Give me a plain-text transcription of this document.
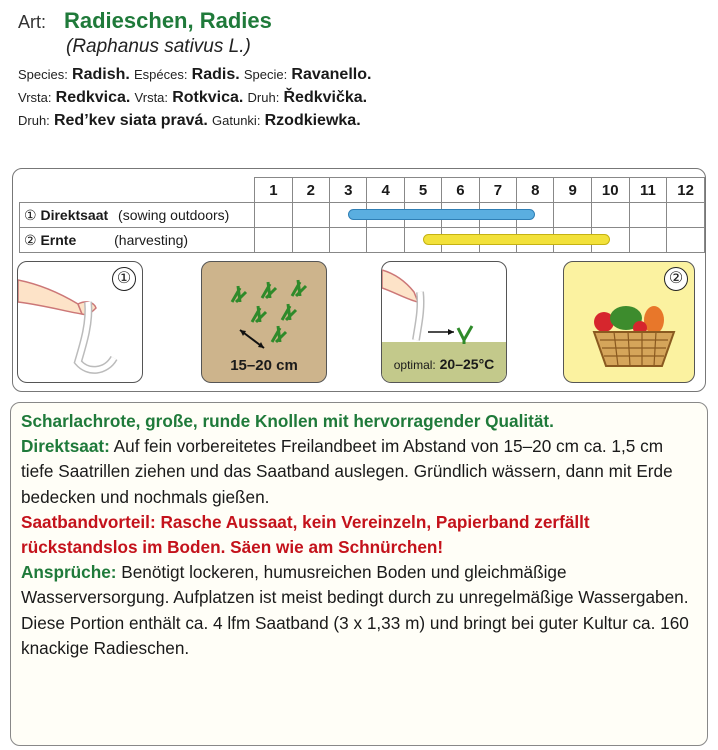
Art: Radieschen, Radies
(Raphanus sativus L.)
Species: Radish. Espéces: Radis. Specie: Ravanello.
Vrsta: Redkvica. Vrsta: Rotkvica. Druh: Ředkvička.
Druh: Red’kev siata pravá. Gatunki: Rzodkiewka.
	1	2	3	4	5	6	7	8	9	10	11	12
① Direktsaat (sowing outdoors)												
② Ernte (harvesting)												
①
15–20 cm	optimal: 20–25°C
②

Scharlachrote, große, runde Knollen mit hervorragender Qualität.

Direktsaat: Auf fein vorbereitetes Freilandbeet im Abstand von 15–20 cm ca. 1,5 cm tiefe Saatrillen ziehen und das Saatband auslegen. Gründlich wässern, dann mit Erde bedecken und nochmals gießen.

Saatbandvorteil: Rasche Aussaat, kein Vereinzeln, Papierband zerfällt rückstandslos im Boden. Säen wie am Schnürchen!

Ansprüche: Benötigt lockeren, humusreichen Boden und gleichmäßige Wasserversorgung. Aufplatzen ist meist bedingt durch zu unregelmäßige Wassergaben.

Diese Portion enthält ca. 4 lfm Saatband (3 x 1,33 m) und bringt bei guter Kultur ca. 160 knackige Radieschen.
